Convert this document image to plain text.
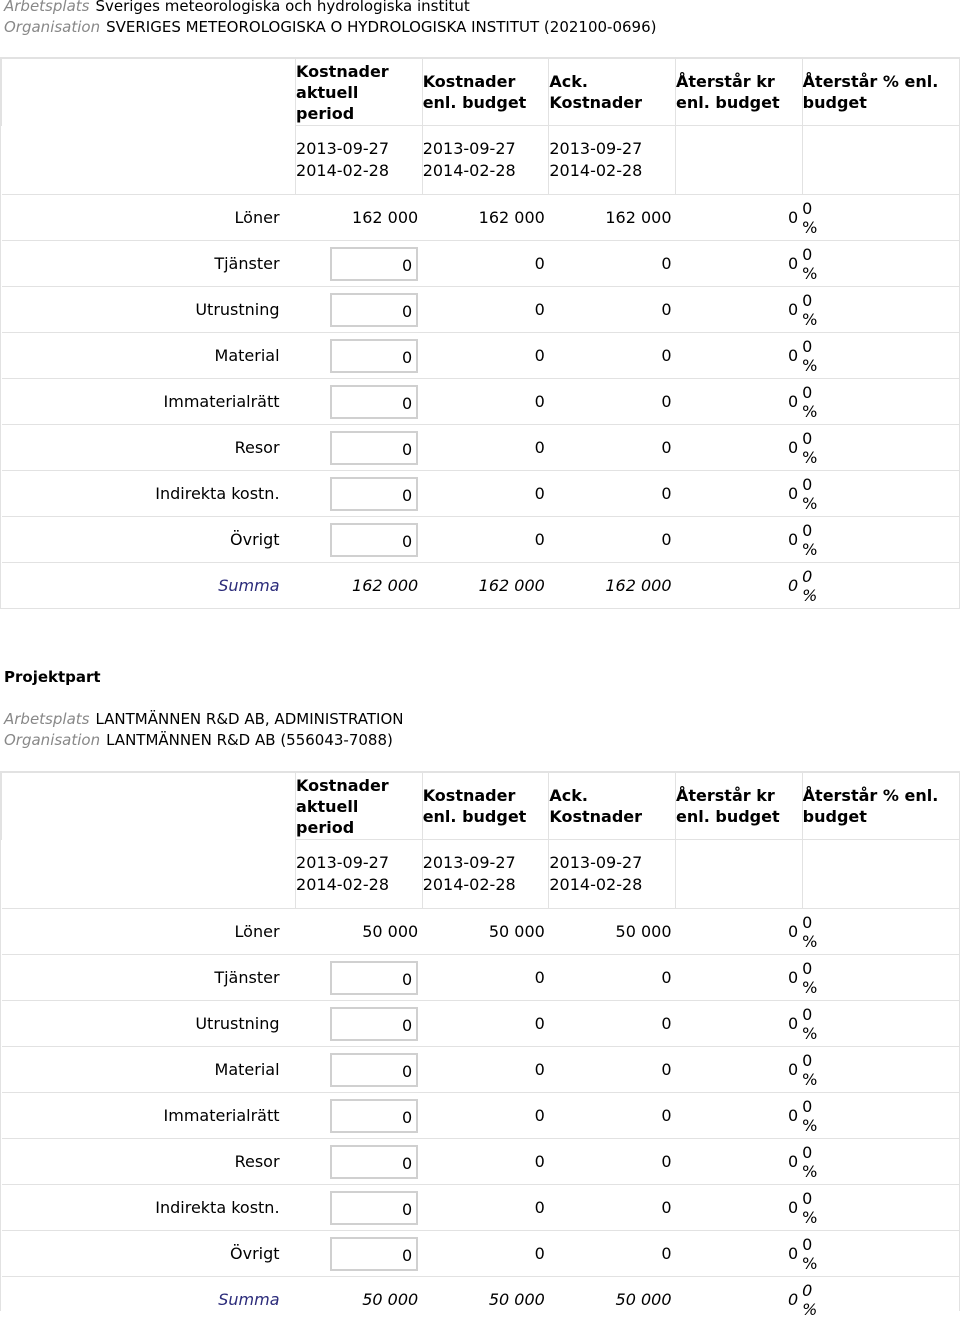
Arbetsplats Sveriges meteorologiska och hydrologiska institut
Organisation SVERIGES METEOROLOGISKA O HYDROLOGISKA INSTITUT (202100-0696)
	Kostnader aktuell period	Kostnader enl. budget	Ack. Kostnader	Återstår kr enl. budget	Återstår % enl. budget
	2013-09-27 2014-02-28	2013-09-27 2014-02-28	2013-09-27 2014-02-28		
Löner	162 000	162 000	162 000	0	0 %
Tjänster	0	0	0	0	0 %
Utrustning	0	0	0	0	0 %
Material	0	0	0	0	0 %
Immaterialrätt	0	0	0	0	0 %
Resor	0	0	0	0	0 %
Indirekta kostn.	0	0	0	0	0 %
Övrigt	0	0	0	0	0 %
Summa	162 000	162 000	162 000	0	0 %
Projektpart
Arbetsplats LANTMÄNNEN R&D AB, ADMINISTRATION
Organisation LANTMÄNNEN R&D AB (556043-7088)
	Kostnader aktuell period	Kostnader enl. budget	Ack. Kostnader	Återstår kr enl. budget	Återstår % enl. budget
	2013-09-27 2014-02-28	2013-09-27 2014-02-28	2013-09-27 2014-02-28		
Löner	50 000	50 000	50 000	0	0 %
Tjänster	0	0	0	0	0 %
Utrustning	0	0	0	0	0 %
Material	0	0	0	0	0 %
Immaterialrätt	0	0	0	0	0 %
Resor	0	0	0	0	0 %
Indirekta kostn.	0	0	0	0	0 %
Övrigt	0	0	0	0	0 %
Summa	50 000	50 000	50 000	0	0 %
